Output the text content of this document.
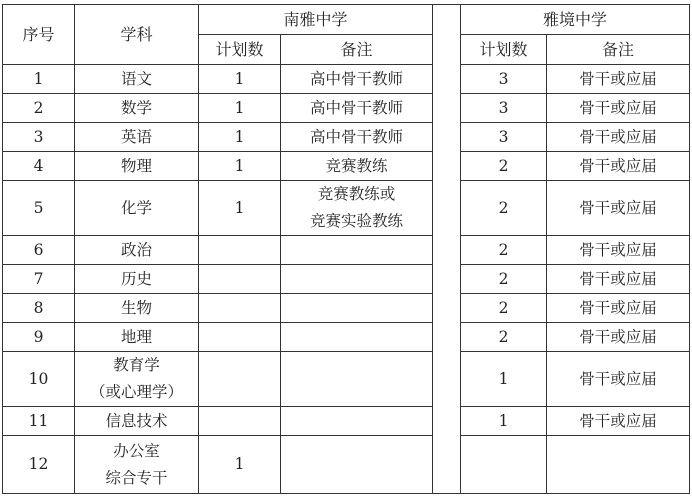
序号	学科	南雅中学			雅境中学	
		计划数	备注		计划数	备注
1	语文	1	高中骨干教师		3	骨干或应届
2	数学	1	高中骨干教师		3	骨干或应届
3	英语	1	高中骨干教师		3	骨干或应届
4	物理	1	竞赛教练		2	骨干或应届
5	化学	1	竞赛教练或
竞赛实验教练		2	骨干或应届
6	政治				2	骨干或应届
7	历史				2	骨干或应届
8	生物				2	骨干或应届
9	地理				2	骨干或应届
10	教育学
（或心理学）				1	骨干或应届
11	信息技术				1	骨干或应届
12	办公室
综合专干	1				
